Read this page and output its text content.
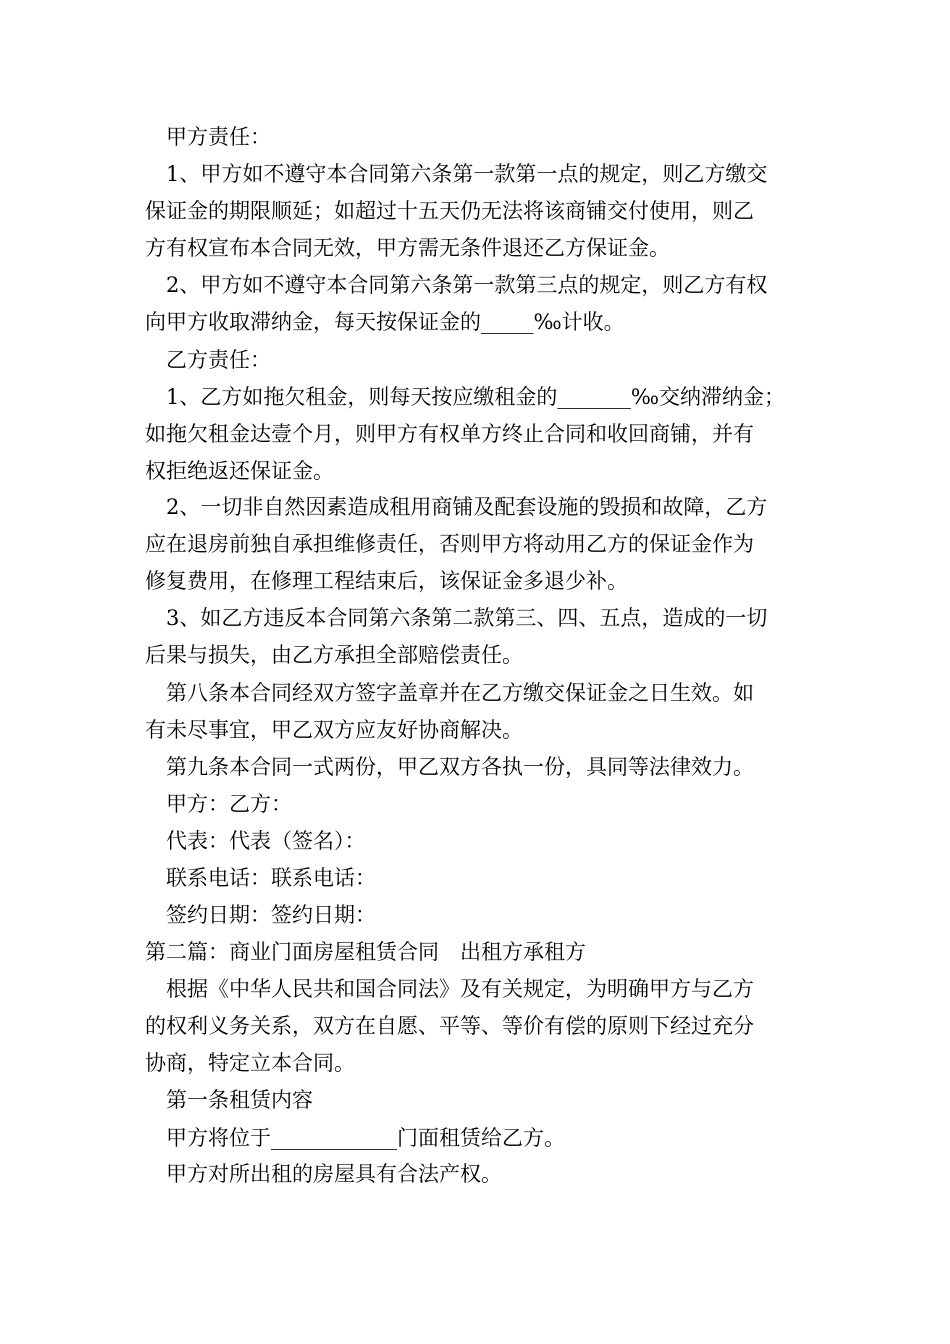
　甲方责任：
　1、甲方如不遵守本合同第六条第一款第一点的规定，则乙方缴交
保证金的期限顺延；如超过十五天仍无法将该商铺交付使用，则乙
方有权宣布本合同无效，甲方需无条件退还乙方保证金。
　2、甲方如不遵守本合同第六条第一款第三点的规定，则乙方有权
向甲方收取滞纳金，每天按保证金的_____‰计收。
　乙方责任：
　1、乙方如拖欠租金，则每天按应缴租金的_______‰交纳滞纳金；
如拖欠租金达壹个月，则甲方有权单方终止合同和收回商铺，并有
权拒绝返还保证金。
　2、一切非自然因素造成租用商铺及配套设施的毁损和故障，乙方
应在退房前独自承担维修责任，否则甲方将动用乙方的保证金作为
修复费用，在修理工程结束后，该保证金多退少补。
　3、如乙方违反本合同第六条第二款第三、四、五点，造成的一切
后果与损失，由乙方承担全部赔偿责任。
　第八条本合同经双方签字盖章并在乙方缴交保证金之日生效。如
有未尽事宜，甲乙双方应友好协商解决。
　第九条本合同一式两份，甲乙双方各执一份，具同等法律效力。
　甲方：乙方：
　代表：代表（签名）：
　联系电话：联系电话：
　签约日期：签约日期：
第二篇：商业门面房屋租赁合同　出租方承租方
　根据《中华人民共和国合同法》及有关规定，为明确甲方与乙方
的权利义务关系，双方在自愿、平等、等价有偿的原则下经过充分
协商，特定立本合同。
　第一条租赁内容
　甲方将位于____________门面租赁给乙方。
　甲方对所出租的房屋具有合法产权。
